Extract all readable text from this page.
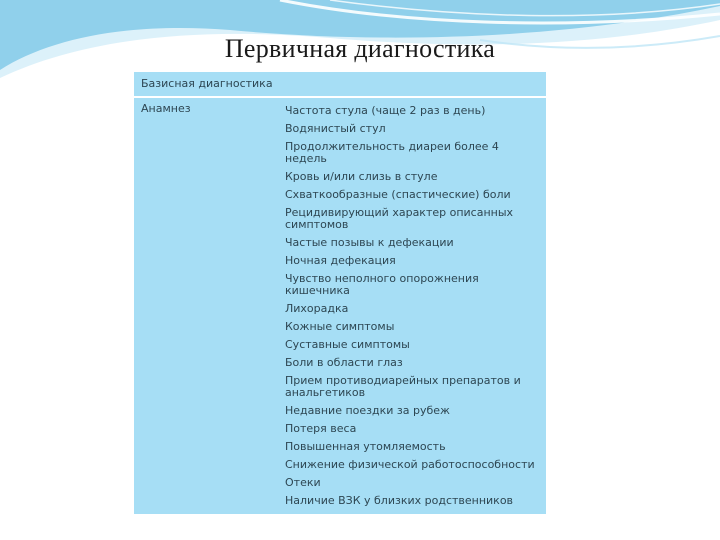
Первичная диагностика
Базисная диагностика
Анамнез	Частота стула (чаще 2 раз в день)
Водянистый стул
Продолжительность диареи более 4 недель
Кровь и/или слизь в стуле
Схваткообразные (спастические) боли
Рецидивирующий характер описанных симптомов
Частые позывы к дефекации
Ночная дефекация
Чувство неполного опорожнения кишечника
Лихорадка
Кожные симптомы
Суставные симптомы
Боли в области глаз
Прием противодиарейных препаратов и анальгетиков
Недавние поездки за рубеж
Потеря веса
Повышенная утомляемость
Снижение физической работоспособности
Отеки
Наличие ВЗК у близких родственников
